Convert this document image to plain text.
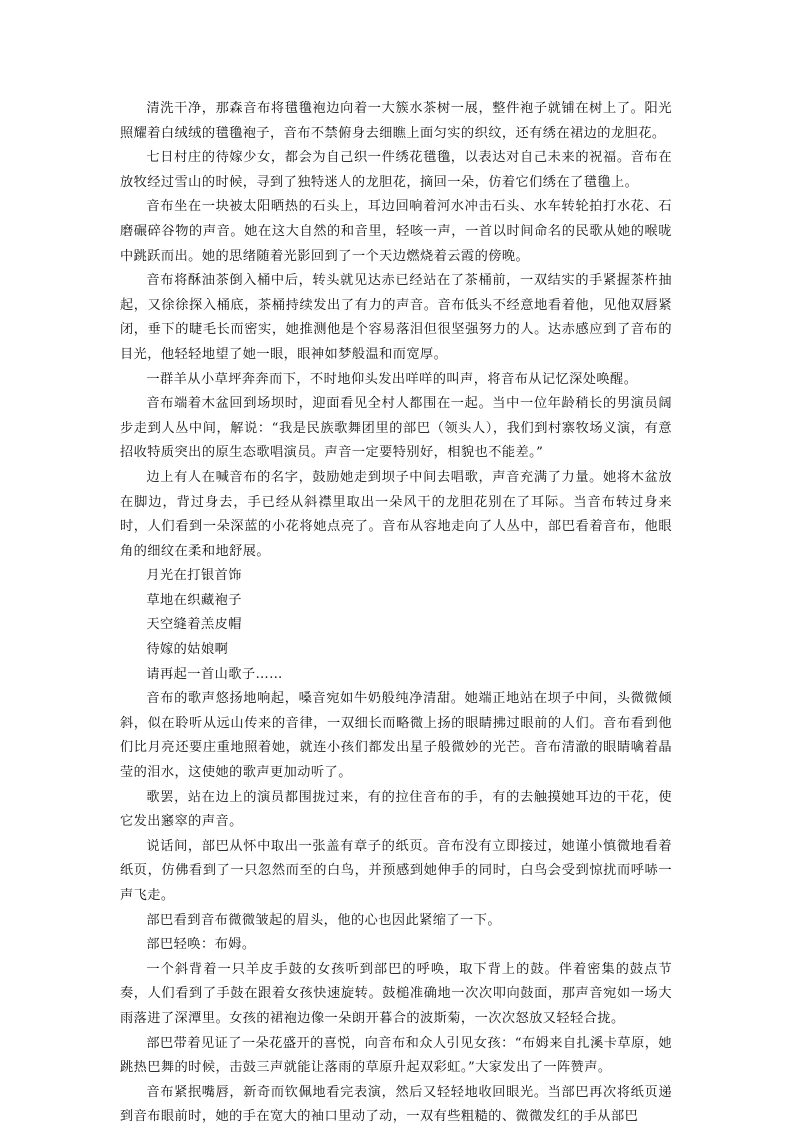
清洗干净，那森音布将氆氇袍边向着一大簇水茶树一展，整件袍子就铺在树上了。阳光照耀着白绒绒的氆氇袍子，音布不禁俯身去细瞧上面匀实的织纹，还有绣在裙边的龙胆花。

七日村庄的待嫁少女，都会为自己织一件绣花氆氇，以表达对自己未来的祝福。音布在放牧经过雪山的时候，寻到了独特迷人的龙胆花，摘回一朵，仿着它们绣在了氆氇上。

音布坐在一块被太阳晒热的石头上，耳边回响着河水冲击石头、水车转轮拍打水花、石磨碾碎谷物的声音。她在这大自然的和音里，轻咳一声，一首以时间命名的民歌从她的喉咙中跳跃而出。她的思绪随着光影回到了一个天边燃烧着云霞的傍晚。

音布将酥油茶倒入桶中后，转头就见达赤已经站在了茶桶前，一双结实的手紧握茶杵抽起，又徐徐探入桶底，茶桶持续发出了有力的声音。音布低头不经意地看着他，见他双唇紧闭，垂下的睫毛长而密实，她推测他是个容易落泪但很坚强努力的人。达赤感应到了音布的目光，他轻轻地望了她一眼，眼神如梦般温和而宽厚。

一群羊从小草坪奔奔而下，不时地仰头发出咩咩的叫声，将音布从记忆深处唤醒。

音布端着木盆回到场坝时，迎面看见全村人都围在一起。当中一位年龄稍长的男演员阔步走到人丛中间，解说：“我是民族歌舞团里的部巴（领头人），我们到村寨牧场义演，有意招收特质突出的原生态歌唱演员。声音一定要特别好，相貌也不能差。”

边上有人在喊音布的名字，鼓励她走到坝子中间去唱歌，声音充满了力量。她将木盆放在脚边，背过身去，手已经从斜襟里取出一朵风干的龙胆花别在了耳际。当音布转过身来时，人们看到一朵深蓝的小花将她点亮了。音布从容地走向了人丛中，部巴看着音布，他眼角的细纹在柔和地舒展。

月光在打银首饰

草地在织藏袍子

天空缝着羔皮帽

待嫁的姑娘啊

请再起一首山歌子……

音布的歌声悠扬地响起，嗓音宛如牛奶般纯净清甜。她端正地站在坝子中间，头微微倾斜，似在聆听从远山传来的音律，一双细长而略微上扬的眼睛拂过眼前的人们。音布看到他们比月亮还要庄重地照着她，就连小孩们都发出星子般微妙的光芒。音布清澈的眼睛噙着晶莹的泪水，这使她的歌声更加动听了。

歌罢，站在边上的演员都围拢过来，有的拉住音布的手，有的去触摸她耳边的干花，使它发出窸窣的声音。

说话间，部巴从怀中取出一张盖有章子的纸页。音布没有立即接过，她谨小慎微地看着纸页，仿佛看到了一只忽然而至的白鸟，并预感到她伸手的同时，白鸟会受到惊扰而呼哧一声飞走。

部巴看到音布微微皱起的眉头，他的心也因此紧缩了一下。

部巴轻唤：布姆。

一个斜背着一只羊皮手鼓的女孩听到部巴的呼唤，取下背上的鼓。伴着密集的鼓点节奏，人们看到了手鼓在跟着女孩快速旋转。鼓槌准确地一次次叩向鼓面，那声音宛如一场大雨落进了深潭里。女孩的裙袍边像一朵朗开暮合的波斯菊，一次次怒放又轻轻合拢。

部巴带着见证了一朵花盛开的喜悦，向音布和众人引见女孩：“布姆来自扎溪卡草原，她跳热巴舞的时候，击鼓三声就能让落雨的草原升起双彩虹。”大家发出了一阵赞声。

音布紧抿嘴唇，新奇而钦佩地看完表演，然后又轻轻地收回眼光。当部巴再次将纸页递到音布眼前时，她的手在宽大的袖口里动了动，一双有些粗糙的、微微发红的手从部巴
